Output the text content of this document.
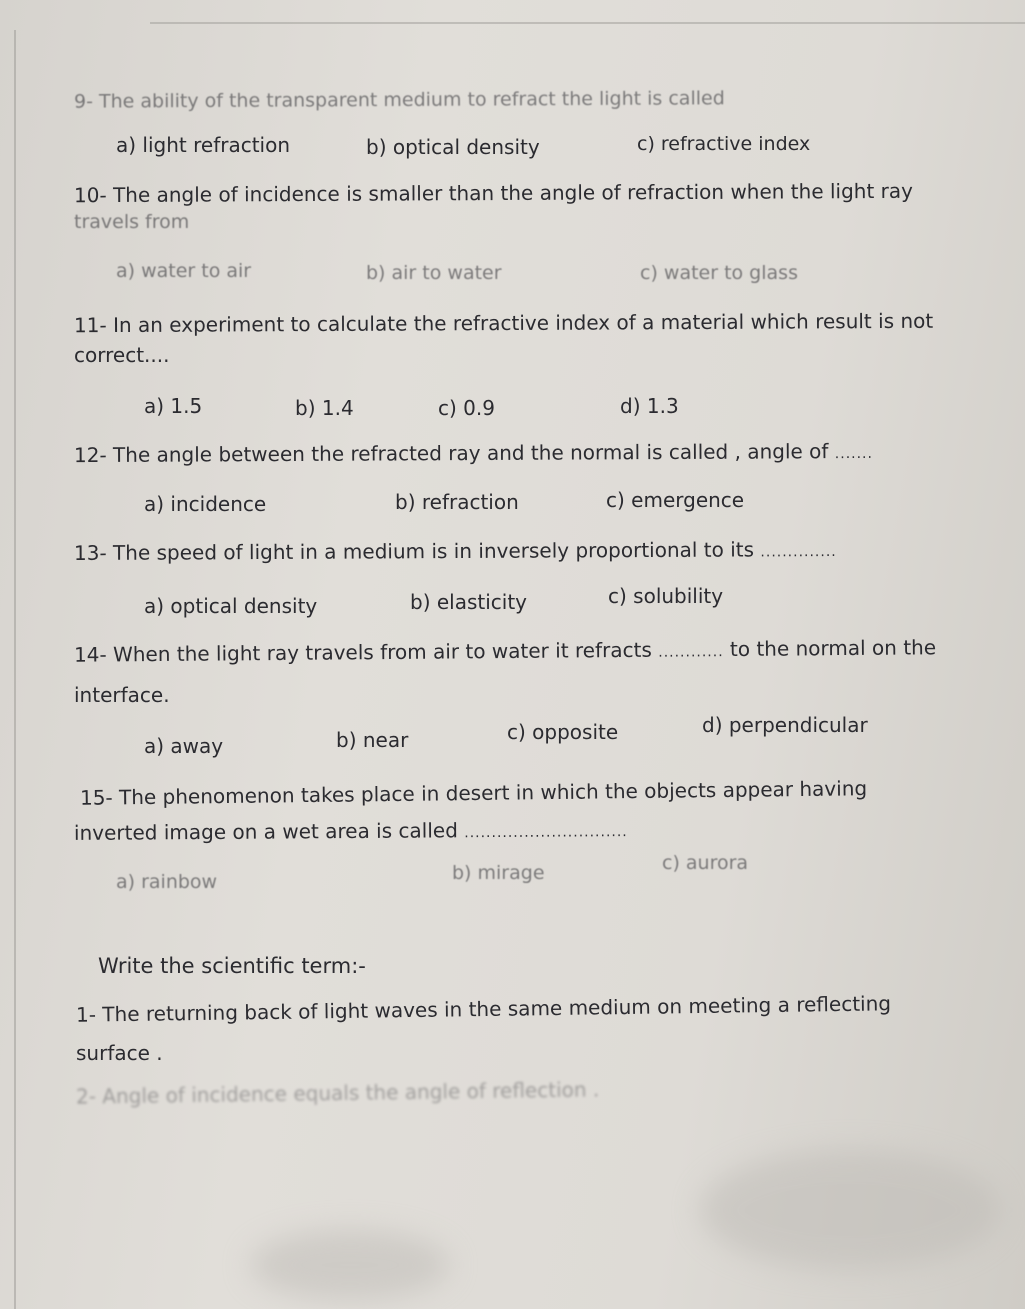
9- The ability of the transparent medium to refract the light is called
a) light refraction	b) optical density	c) refractive index
10- The angle of incidence is smaller than the angle of refraction when the light ray
travels from
a) water to air	b) air to water	c) water to glass
11- In an experiment to calculate the refractive index of a material which result is not
correct....
a) 1.5	b) 1.4	c) 0.9	d) 1.3
12- The angle between the refracted ray and the normal is called , angle of .......
a) incidence	b) refraction	c) emergence
13- The speed of light in a medium is in inversely proportional to its ..............
a) optical density	b) elasticity	c) solubility
14- When the light ray travels from air to water it refracts ............ to the normal on the
interface.
a) away	b) near	c) opposite	d) perpendicular
15- The phenomenon takes place in desert in which the objects appear having
inverted image on a wet area is called ..............................
a) rainbow	b) mirage	c) aurora
Write the scientific term:-
1- The returning back of light waves in the same medium on meeting a reflecting
surface .
2- Angle of incidence equals the angle of reflection .
